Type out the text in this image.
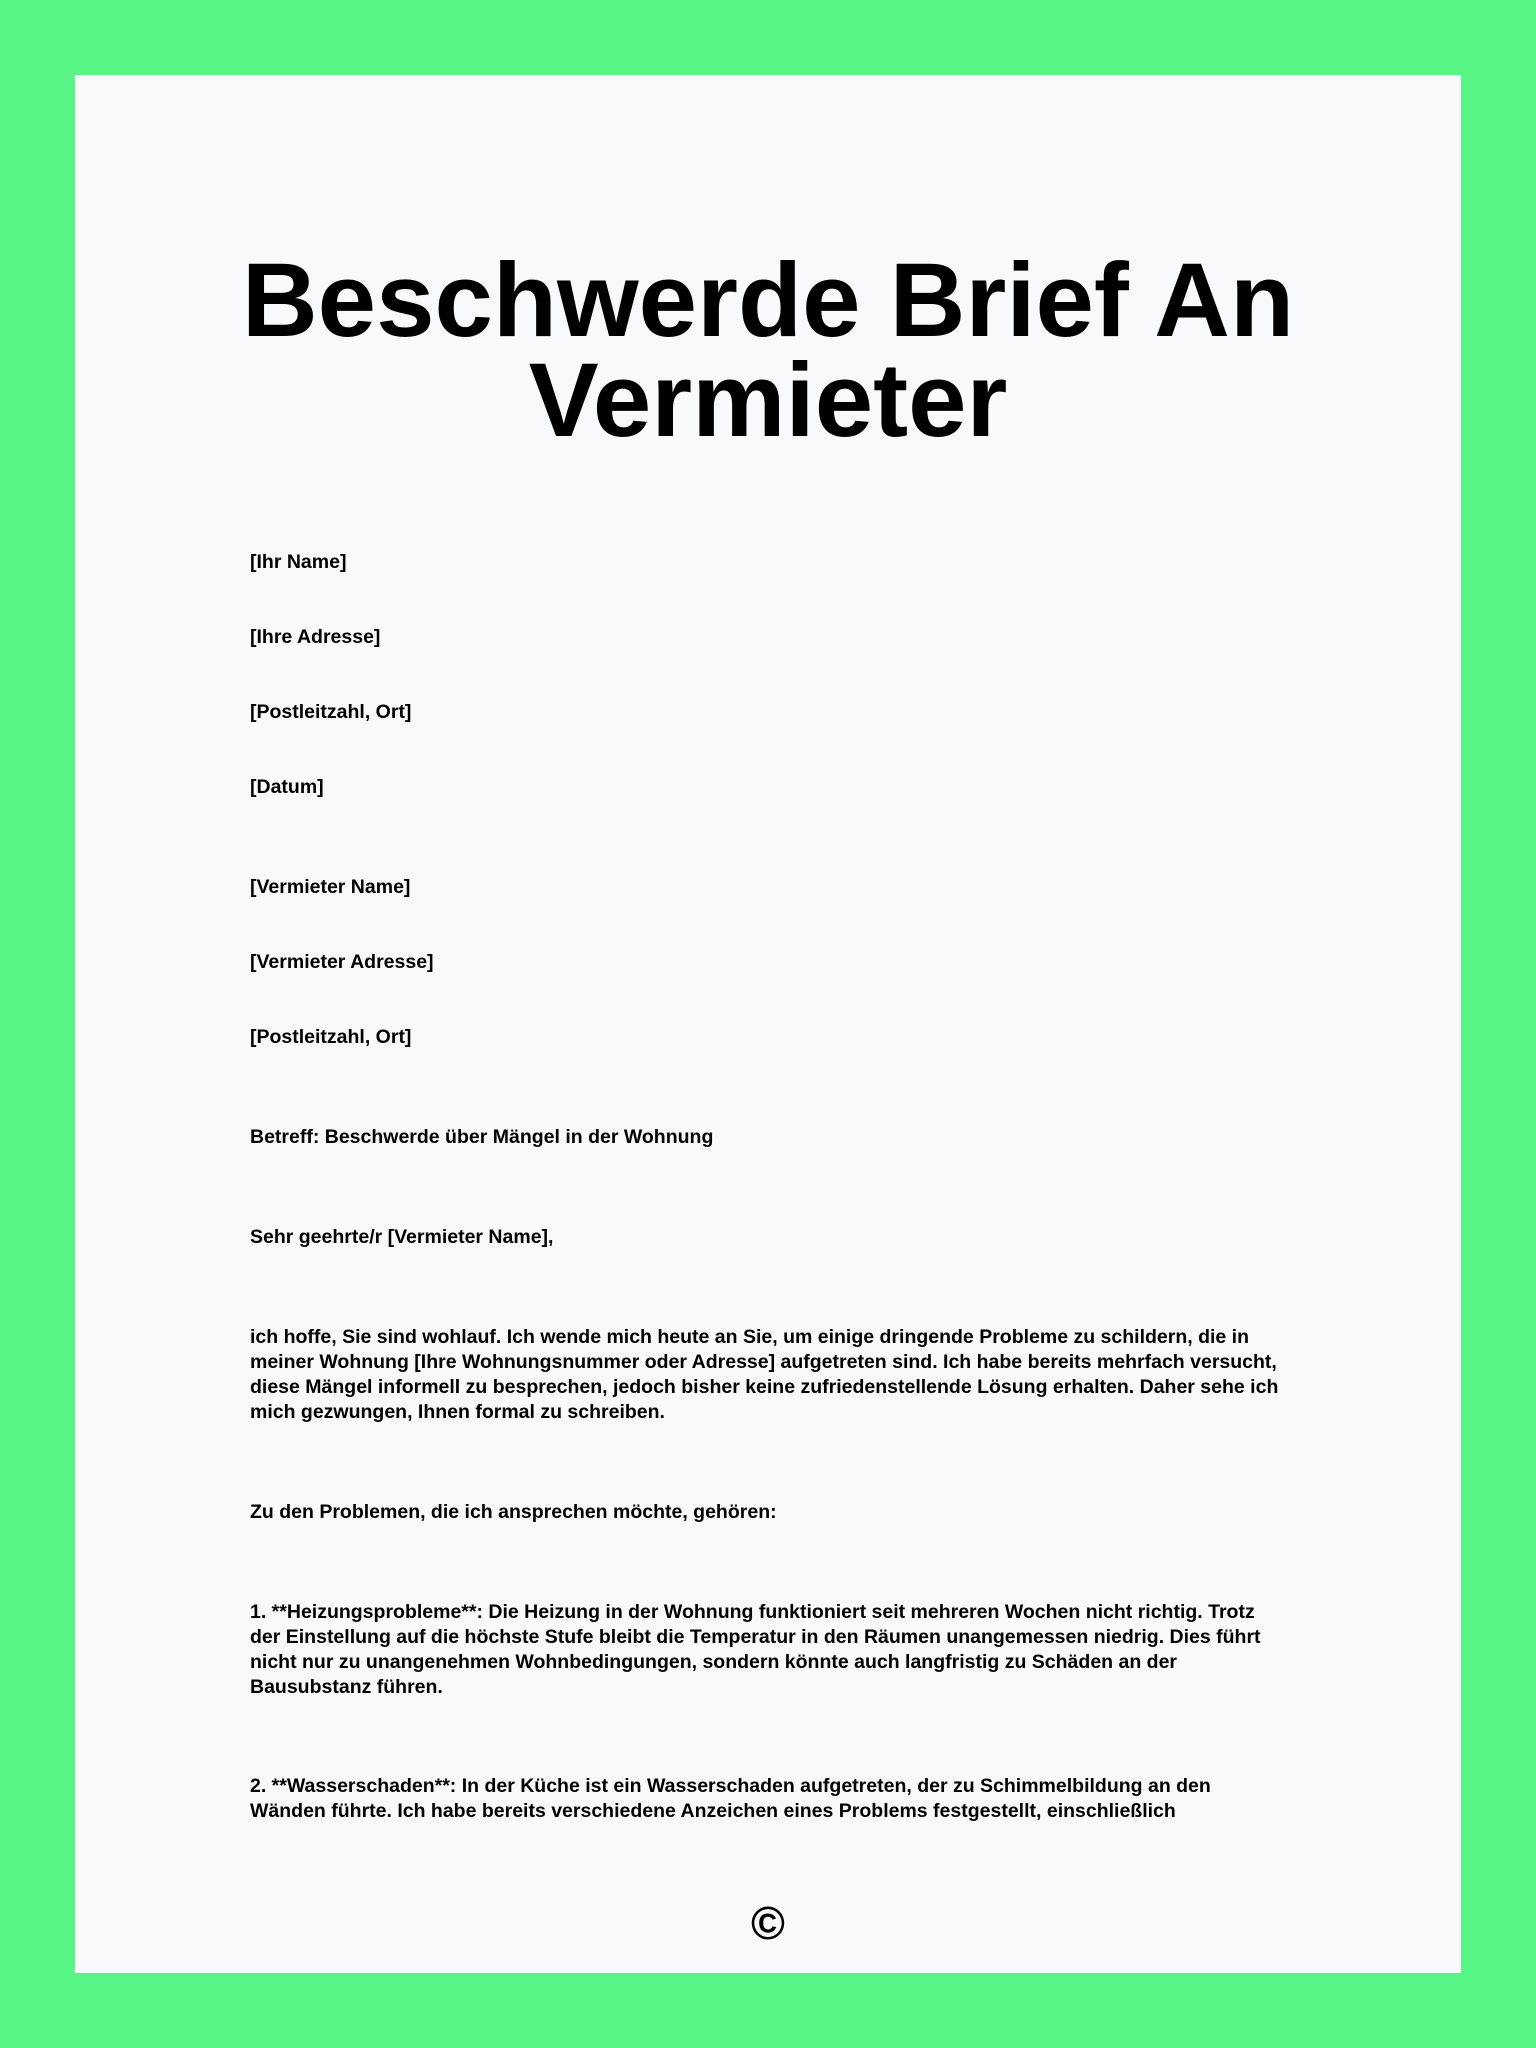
Beschwerde Brief An Vermieter

[Ihr Name]

[Ihre Adresse]

[Postleitzahl, Ort]

[Datum]

[Vermieter Name]

[Vermieter Adresse]

[Postleitzahl, Ort]

Betreff: Beschwerde über Mängel in der Wohnung

Sehr geehrte/r [Vermieter Name],

ich hoffe, Sie sind wohlauf. Ich wende mich heute an Sie, um einige dringende Probleme zu schildern, die in meiner Wohnung [Ihre Wohnungsnummer oder Adresse] aufgetreten sind. Ich habe bereits mehrfach versucht, diese Mängel informell zu besprechen, jedoch bisher keine zufriedenstellende Lösung erhalten. Daher sehe ich mich gezwungen, Ihnen formal zu schreiben.

Zu den Problemen, die ich ansprechen möchte, gehören:

1. **Heizungsprobleme**: Die Heizung in der Wohnung funktioniert seit mehreren Wochen nicht richtig. Trotz der Einstellung auf die höchste Stufe bleibt die Temperatur in den Räumen unangemessen niedrig. Dies führt nicht nur zu unangenehmen Wohnbedingungen, sondern könnte auch langfristig zu Schäden an der Bausubstanz führen.

2. **Wasserschaden**: In der Küche ist ein Wasserschaden aufgetreten, der zu Schimmelbildung an den Wänden führte. Ich habe bereits verschiedene Anzeichen eines Problems festgestellt, einschließlich

©
